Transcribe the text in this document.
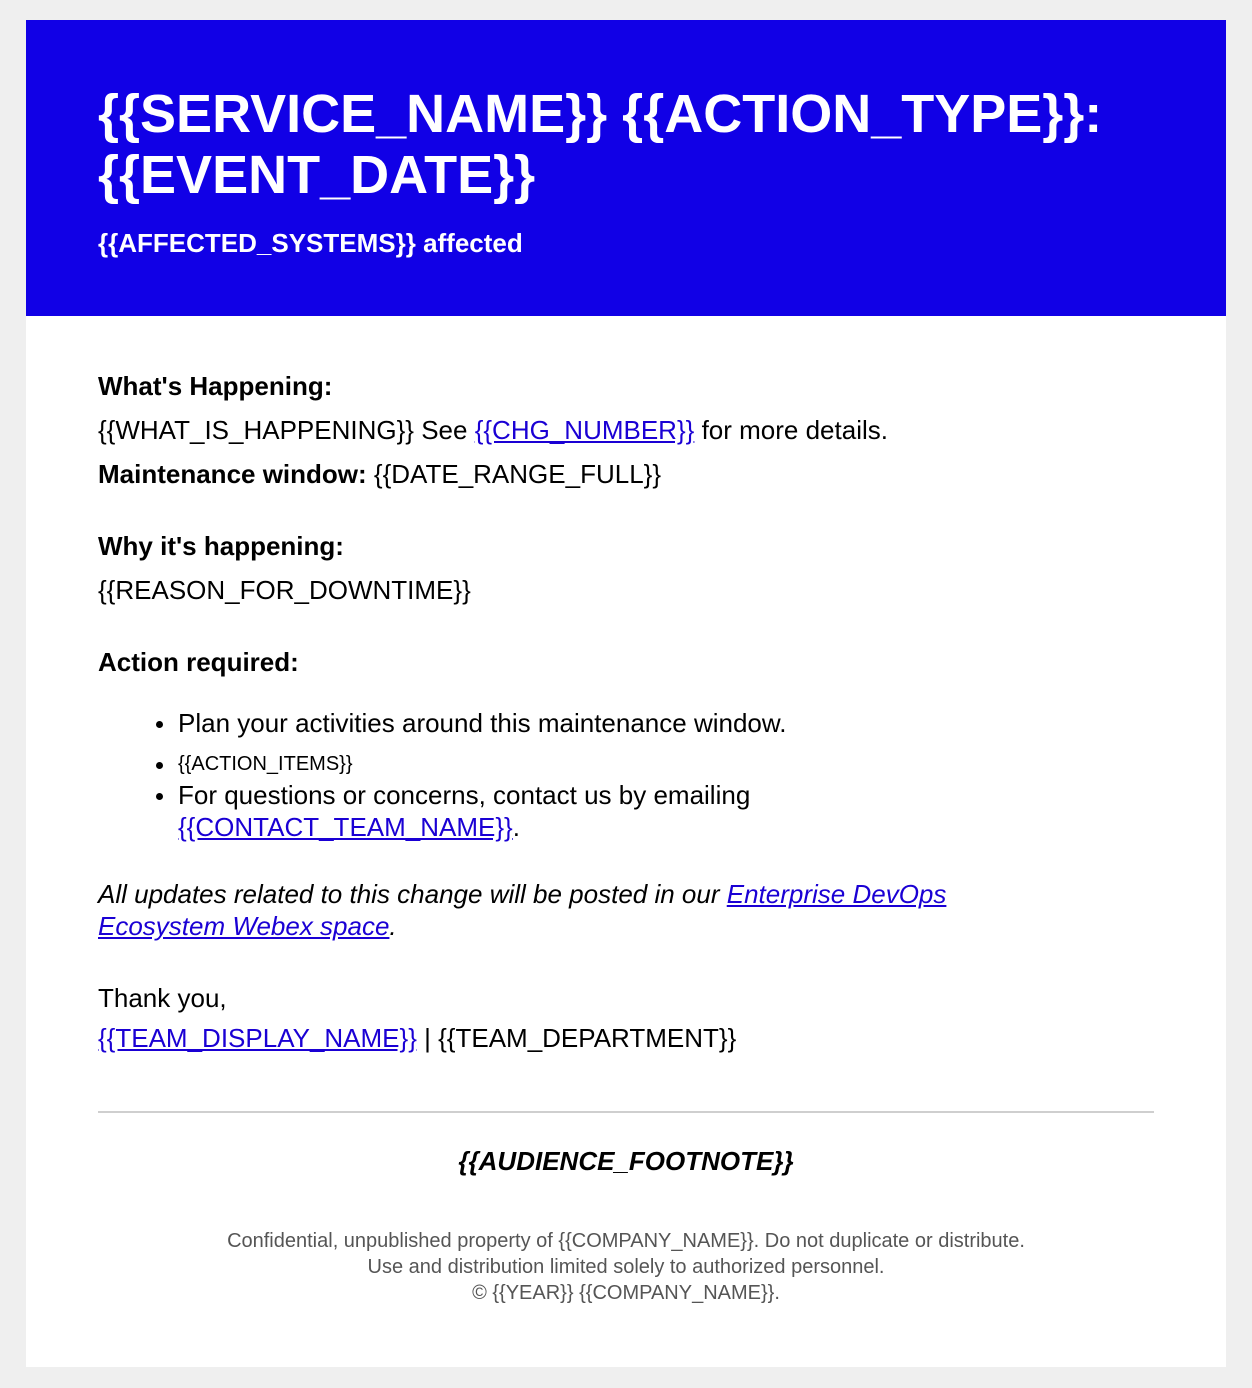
{{SERVICE_NAME}} {{ACTION_TYPE}}: {{EVENT_DATE}}

{{AFFECTED_SYSTEMS}} affected

What's Happening:

{{WHAT_IS_HAPPENING}} See {{CHG_NUMBER}} for more details.

Maintenance window: {{DATE_RANGE_FULL}}

Why it's happening:

{{REASON_FOR_DOWNTIME}}

Action required:

Plan your activities around this maintenance window.

{{ACTION_ITEMS}}

For questions or concerns, contact us by emailing

{{CONTACT_TEAM_NAME}}.

All updates related to this change will be posted in our Enterprise DevOps

Ecosystem Webex space.

Thank you,

{{TEAM_DISPLAY_NAME}} | {{TEAM_DEPARTMENT}}

{{AUDIENCE_FOOTNOTE}}

Confidential, unpublished property of {{COMPANY_NAME}}. Do not duplicate or distribute.

Use and distribution limited solely to authorized personnel.

© {{YEAR}} {{COMPANY_NAME}}.
